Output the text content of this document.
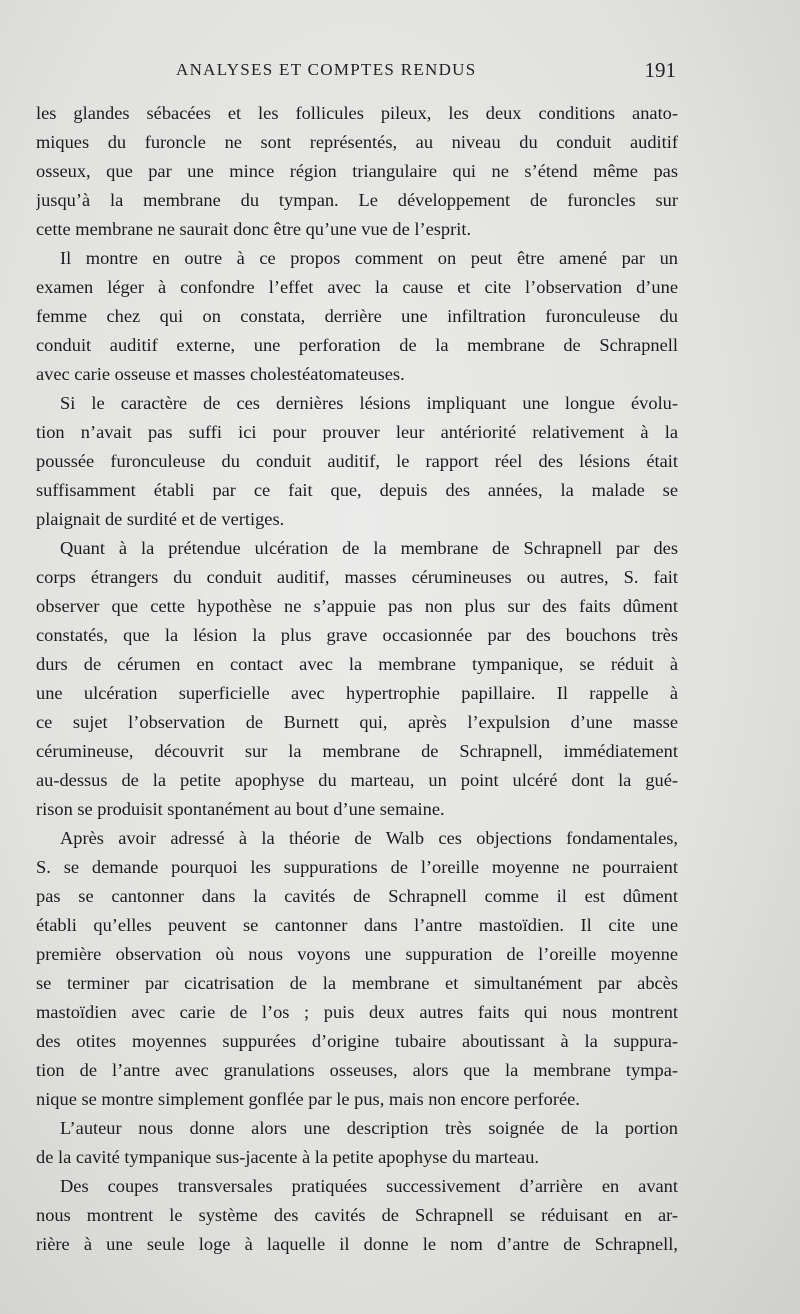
ANALYSES ET COMPTES RENDUS	191
les glandes sébacées et les follicules pileux, les deux conditions anato-
miques du furoncle ne sont représentés, au niveau du conduit auditif
osseux, que par une mince région triangulaire qui ne s’étend même pas
jusqu’à la membrane du tympan. Le développement de furoncles sur
cette membrane ne saurait donc être qu’une vue de l’esprit.
Il montre en outre à ce propos comment on peut être amené par un
examen léger à confondre l’effet avec la cause et cite l’observation d’une
femme chez qui on constata, derrière une infiltration furonculeuse du
conduit auditif externe, une perforation de la membrane de Schrapnell
avec carie osseuse et masses cholestéatomateuses.
Si le caractère de ces dernières lésions impliquant une longue évolu-
tion n’avait pas suffi ici pour prouver leur antériorité relativement à la
poussée furonculeuse du conduit auditif, le rapport réel des lésions était
suffisamment établi par ce fait que, depuis des années, la malade se
plaignait de surdité et de vertiges.
Quant à la prétendue ulcération de la membrane de Schrapnell par des
corps étrangers du conduit auditif, masses cérumineuses ou autres, S. fait
observer que cette hypothèse ne s’appuie pas non plus sur des faits dûment
constatés, que la lésion la plus grave occasionnée par des bouchons très
durs de cérumen en contact avec la membrane tympanique, se réduit à
une ulcération superficielle avec hypertrophie papillaire. Il rappelle à
ce sujet l’observation de Burnett qui, après l’expulsion d’une masse
cérumineuse, découvrit sur la membrane de Schrapnell, immédiatement
au-dessus de la petite apophyse du marteau, un point ulcéré dont la gué-
rison se produisit spontanément au bout d’une semaine.
Après avoir adressé à la théorie de Walb ces objections fondamentales,
S. se demande pourquoi les suppurations de l’oreille moyenne ne pourraient
pas se cantonner dans la cavités de Schrapnell comme il est dûment
établi qu’elles peuvent se cantonner dans l’antre mastoïdien. Il cite une
première observation où nous voyons une suppuration de l’oreille moyenne
se terminer par cicatrisation de la membrane et simultanément par abcès
mastoïdien avec carie de l’os ; puis deux autres faits qui nous montrent
des otites moyennes suppurées d’origine tubaire aboutissant à la suppura-
tion de l’antre avec granulations osseuses, alors que la membrane tympa-
nique se montre simplement gonflée par le pus, mais non encore perforée.
L’auteur nous donne alors une description très soignée de la portion
de la cavité tympanique sus-jacente à la petite apophyse du marteau.
Des coupes transversales pratiquées successivement d’arrière en avant
nous montrent le système des cavités de Schrapnell se réduisant en ar-
rière à une seule loge à laquelle il donne le nom d’antre de Schrapnell,
